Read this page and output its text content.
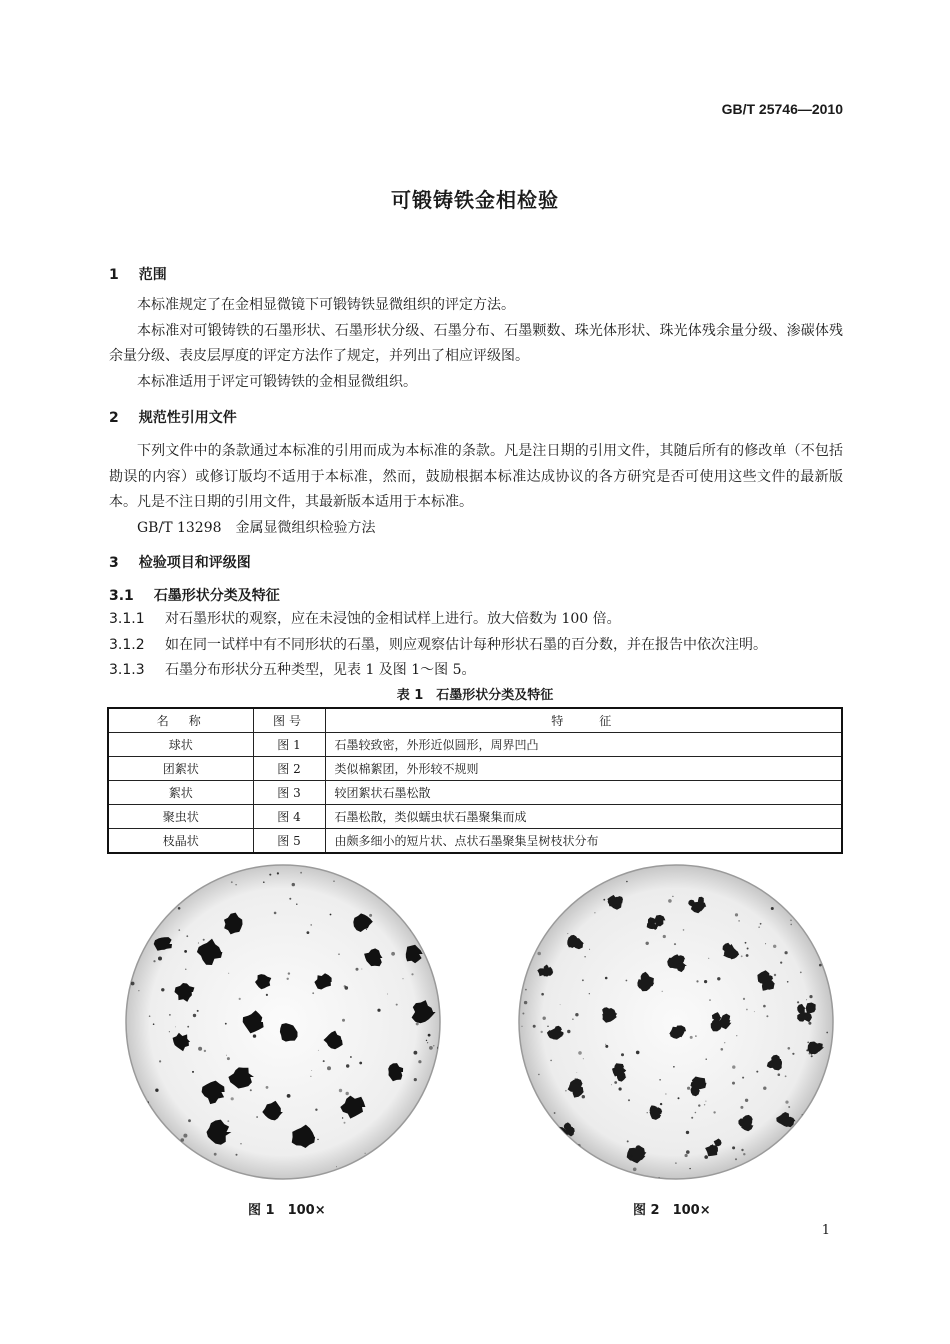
GB/T 25746—2010
可锻铸铁金相检验
1 范围

本标准规定了在金相显微镜下可锻铸铁显微组织的评定方法。

本标准对可锻铸铁的石墨形状、石墨形状分级、石墨分布、石墨颗数、珠光体形状、珠光体残余量分级、渗碳体残余量分级、表皮层厚度的评定方法作了规定，并列出了相应评级图。

本标准适用于评定可锻铸铁的金相显微组织。

2 规范性引用文件

下列文件中的条款通过本标准的引用而成为本标准的条款。凡是注日期的引用文件，其随后所有的修改单（不包括勘误的内容）或修订版均不适用于本标准，然而，鼓励根据本标准达成协议的各方研究是否可使用这些文件的最新版本。凡是不注日期的引用文件，其最新版本适用于本标准。

GB/T 13298　金属显微组织检验方法

3 检验项目和评级图
3.1 石墨形状分类及特征
3.1.1 对石墨形状的观察，应在未浸蚀的金相试样上进行。放大倍数为 100 倍。
3.1.2 如在同一试样中有不同形状的石墨，则应观察估计每种形状石墨的百分数，并在报告中依次注明。
3.1.3 石墨分布形状分五种类型，见表 1 及图 1～图 5。
表 1　石墨形状分类及特征
名　称	图号	特　　征
球状	图 1	石墨较致密，外形近似圆形，周界凹凸
团絮状	图 2	类似棉絮团，外形较不规则
絮状	图 3	较团絮状石墨松散
聚虫状	图 4	石墨松散，类似蠕虫状石墨聚集而成
枝晶状	图 5	由颇多细小的短片状、点状石墨聚集呈树枝状分布
图 1　100×	图 2　100×
1
